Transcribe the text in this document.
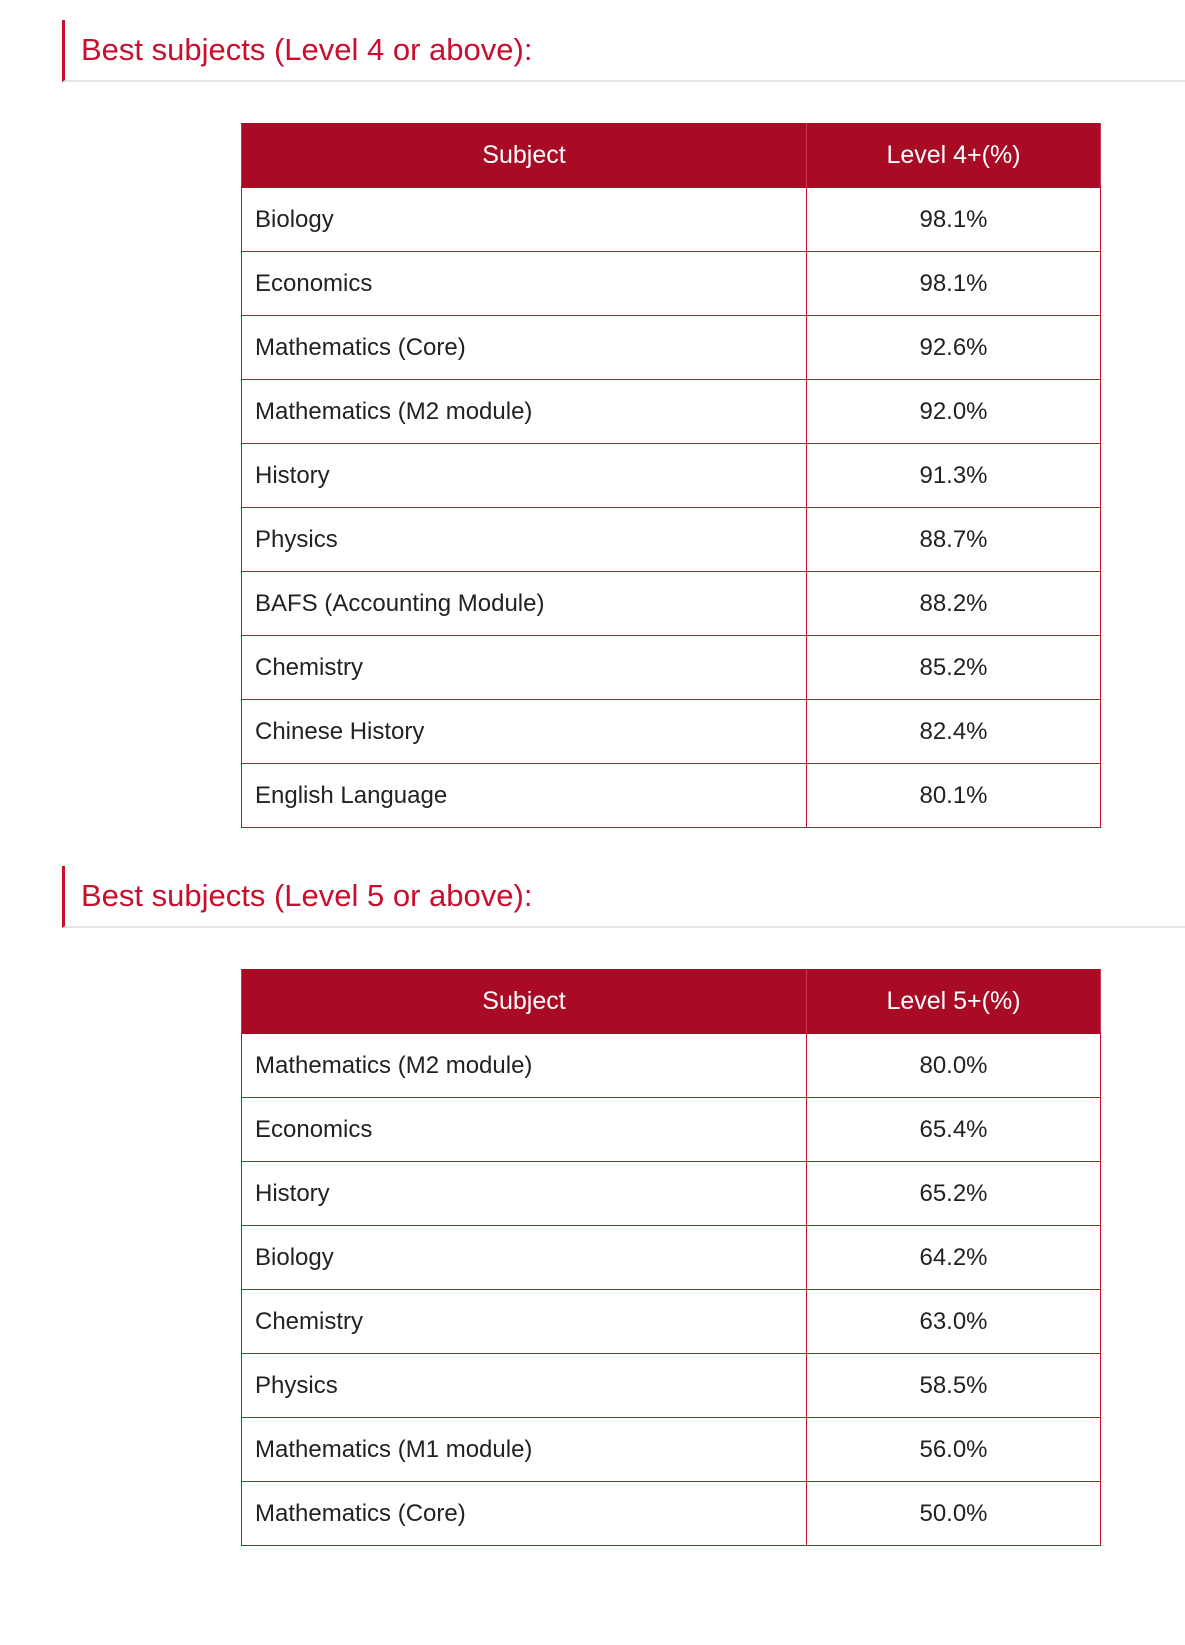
Best subjects (Level 4 or above):
Subject	Level 4+(%)
Biology	98.1%
Economics	98.1%
Mathematics (Core)	92.6%
Mathematics (M2 module)	92.0%
History	91.3%
Physics	88.7%
BAFS (Accounting Module)	88.2%
Chemistry	85.2%
Chinese History	82.4%
English Language	80.1%
Best subjects (Level 5 or above):
Subject	Level 5+(%)
Mathematics (M2 module)	80.0%
Economics	65.4%
History	65.2%
Biology	64.2%
Chemistry	63.0%
Physics	58.5%
Mathematics (M1 module)	56.0%
Mathematics (Core)	50.0%
